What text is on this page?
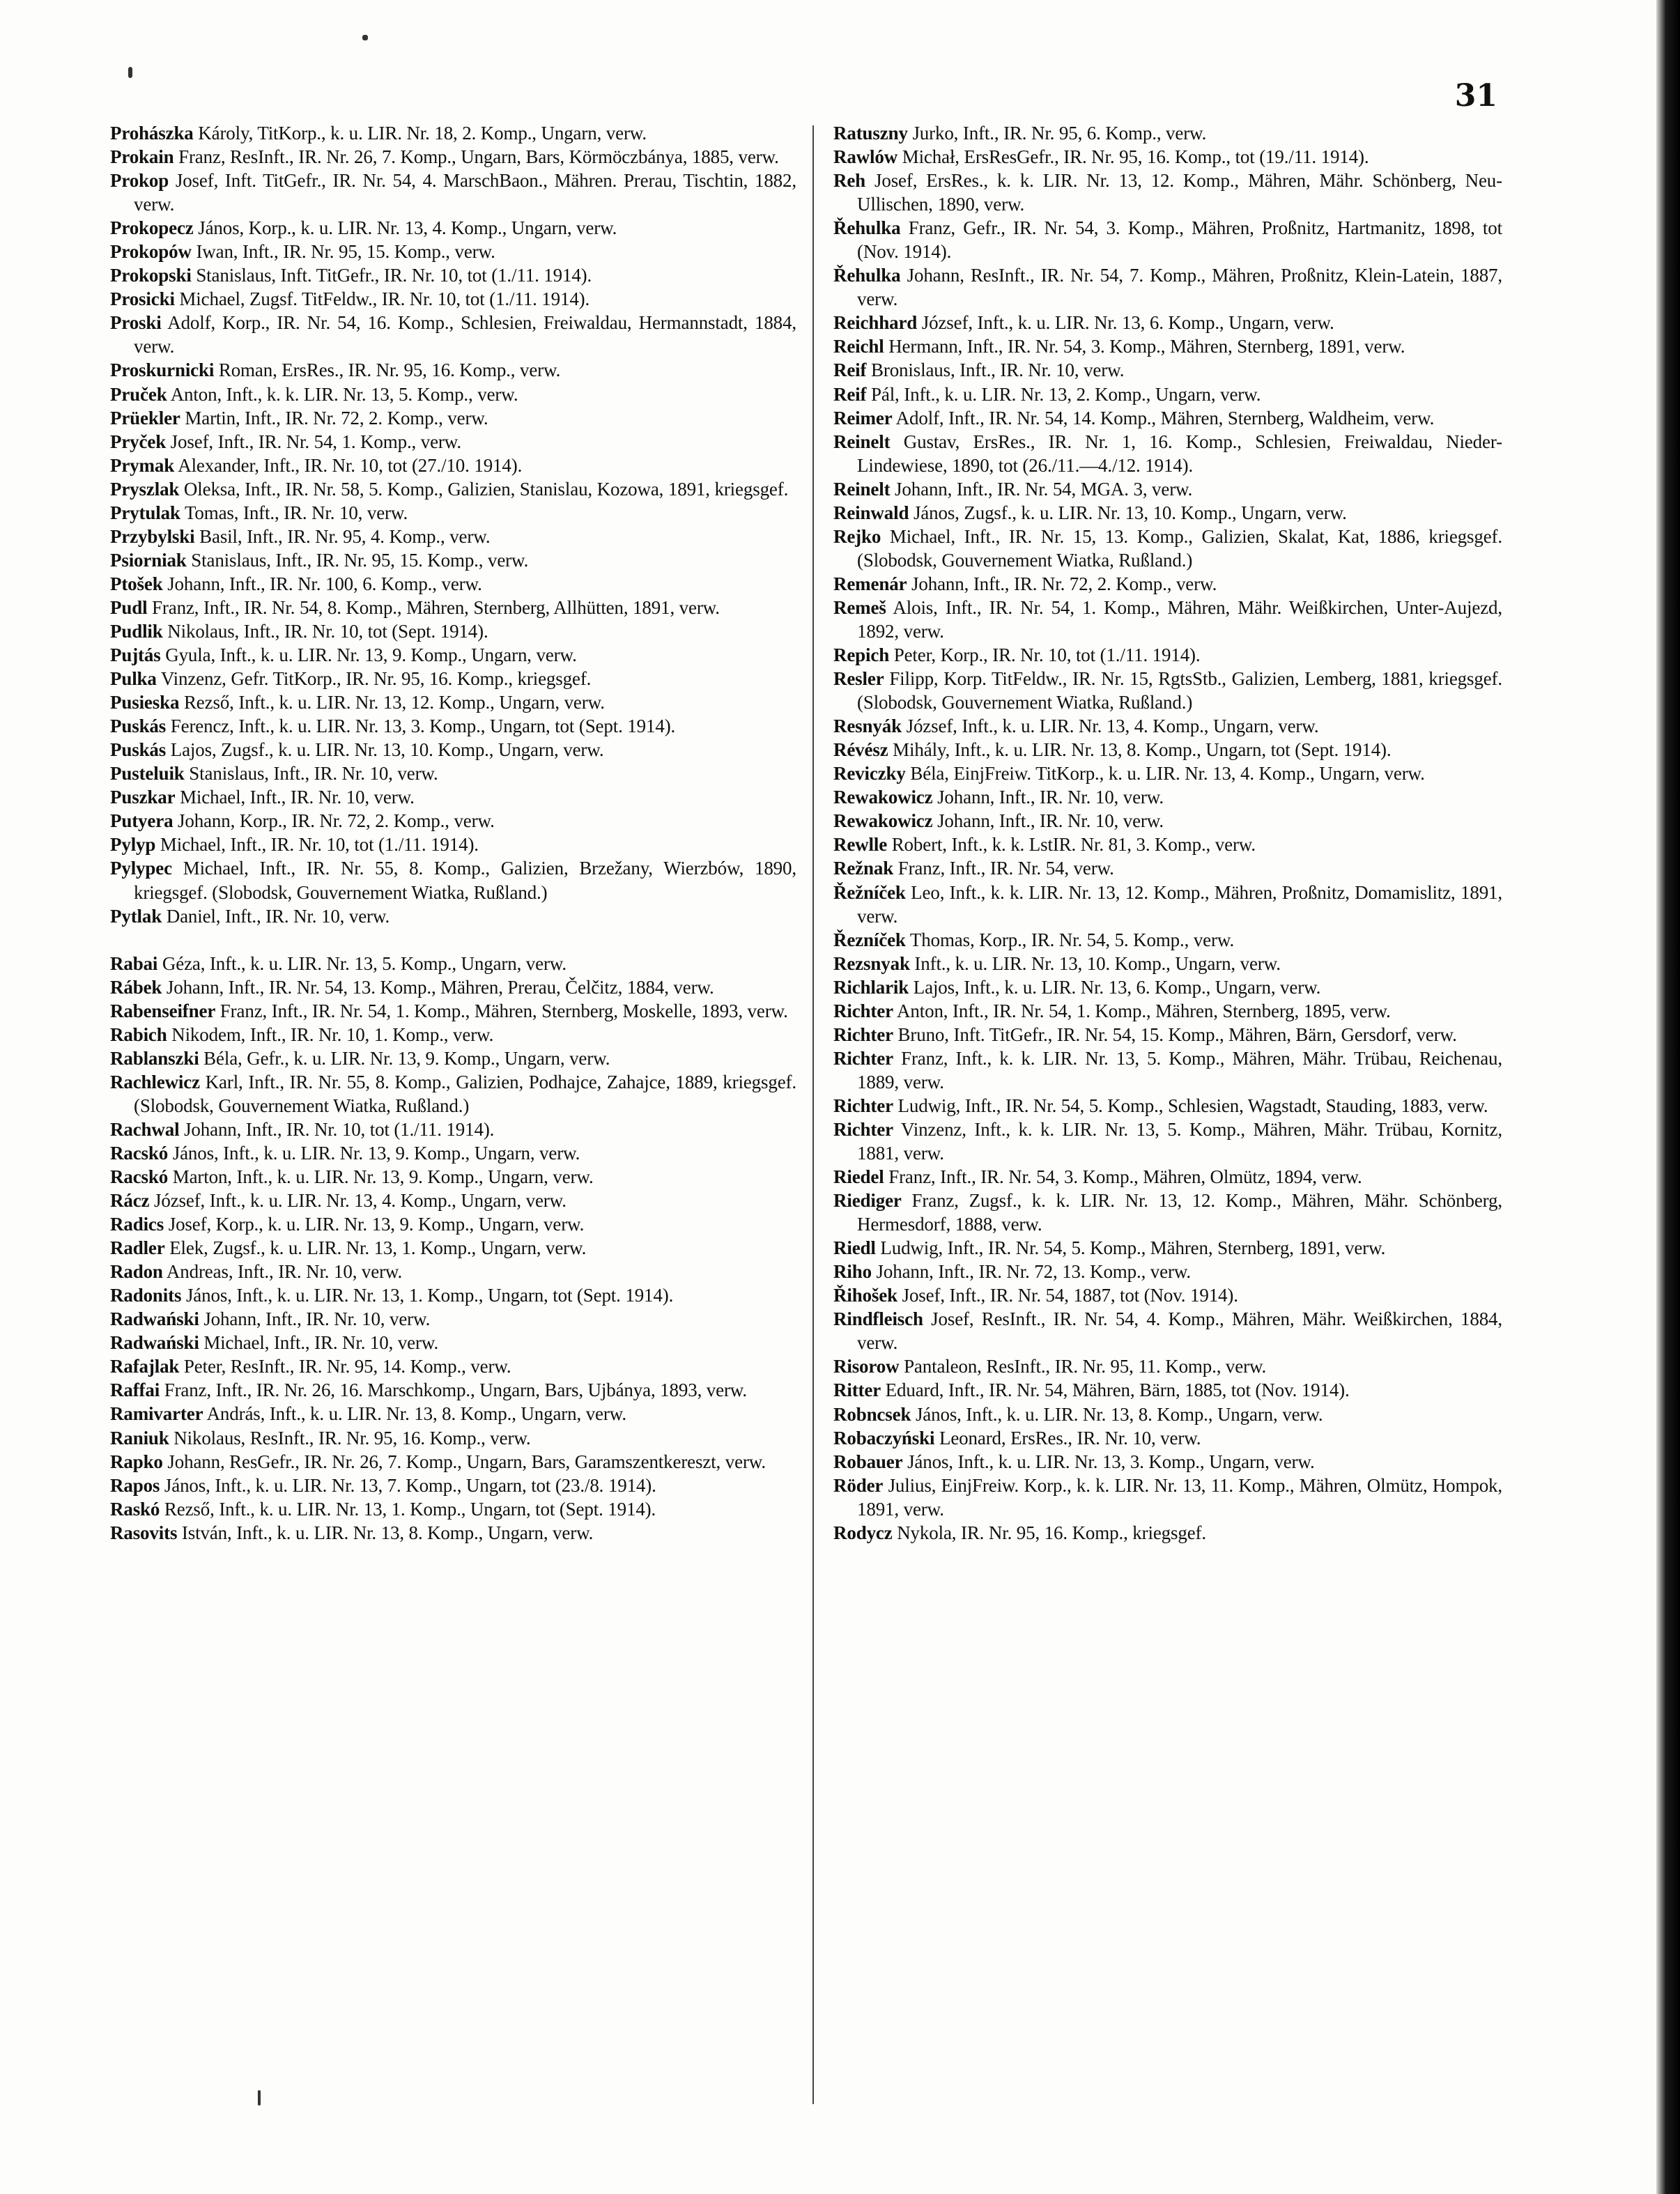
31
Prohászka Károly, TitKorp., k. u. LIR. Nr. 18, 2. Komp., Ungarn, verw.
Prokain Franz, ResInft., IR. Nr. 26, 7. Komp., Ungarn, Bars, Körmöczbánya, 1885, verw.
Prokop Josef, Inft. TitGefr., IR. Nr. 54, 4. MarschBaon., Mähren. Prerau, Tischtin, 1882, verw.
Prokopecz János, Korp., k. u. LIR. Nr. 13, 4. Komp., Ungarn, verw.
Prokopów Iwan, Inft., IR. Nr. 95, 15. Komp., verw.
Prokopski Stanislaus, Inft. TitGefr., IR. Nr. 10, tot (1./11. 1914).
Prosicki Michael, Zugsf. TitFeldw., IR. Nr. 10, tot (1./11. 1914).
Proski Adolf, Korp., IR. Nr. 54, 16. Komp., Schlesien, Freiwaldau, Hermannstadt, 1884, verw.
Proskurnicki Roman, ErsRes., IR. Nr. 95, 16. Komp., verw.
Pruček Anton, Inft., k. k. LIR. Nr. 13, 5. Komp., verw.
Prüekler Martin, Inft., IR. Nr. 72, 2. Komp., verw.
Pryček Josef, Inft., IR. Nr. 54, 1. Komp., verw.
Prymak Alexander, Inft., IR. Nr. 10, tot (27./10. 1914).
Pryszlak Oleksa, Inft., IR. Nr. 58, 5. Komp., Galizien, Stanislau, Kozowa, 1891, kriegsgef.
Prytulak Tomas, Inft., IR. Nr. 10, verw.
Przybylski Basil, Inft., IR. Nr. 95, 4. Komp., verw.
Psiorniak Stanislaus, Inft., IR. Nr. 95, 15. Komp., verw.
Ptošek Johann, Inft., IR. Nr. 100, 6. Komp., verw.
Pudl Franz, Inft., IR. Nr. 54, 8. Komp., Mähren, Sternberg, Allhütten, 1891, verw.
Pudlik Nikolaus, Inft., IR. Nr. 10, tot (Sept. 1914).
Pujtás Gyula, Inft., k. u. LIR. Nr. 13, 9. Komp., Ungarn, verw.
Pulka Vinzenz, Gefr. TitKorp., IR. Nr. 95, 16. Komp., kriegsgef.
Pusieska Rezső, Inft., k. u. LIR. Nr. 13, 12. Komp., Ungarn, verw.
Puskás Ferencz, Inft., k. u. LIR. Nr. 13, 3. Komp., Ungarn, tot (Sept. 1914).
Puskás Lajos, Zugsf., k. u. LIR. Nr. 13, 10. Komp., Ungarn, verw.
Pusteluik Stanislaus, Inft., IR. Nr. 10, verw.
Puszkar Michael, Inft., IR. Nr. 10, verw.
Putyera Johann, Korp., IR. Nr. 72, 2. Komp., verw.
Pylyp Michael, Inft., IR. Nr. 10, tot (1./11. 1914).
Pylypec Michael, Inft., IR. Nr. 55, 8. Komp., Galizien, Brzežany, Wierzbów, 1890, kriegsgef. (Slobodsk, Gouvernement Wiatka, Rußland.)
Pytlak Daniel, Inft., IR. Nr. 10, verw.
Rabai Géza, Inft., k. u. LIR. Nr. 13, 5. Komp., Ungarn, verw.
Rábek Johann, Inft., IR. Nr. 54, 13. Komp., Mähren, Prerau, Čelčitz, 1884, verw.
Rabenseifner Franz, Inft., IR. Nr. 54, 1. Komp., Mähren, Sternberg, Moskelle, 1893, verw.
Rabich Nikodem, Inft., IR. Nr. 10, 1. Komp., verw.
Rablanszki Béla, Gefr., k. u. LIR. Nr. 13, 9. Komp., Ungarn, verw.
Rachlewicz Karl, Inft., IR. Nr. 55, 8. Komp., Galizien, Podhajce, Zahajce, 1889, kriegsgef. (Slobodsk, Gouvernement Wiatka, Rußland.)
Rachwal Johann, Inft., IR. Nr. 10, tot (1./11. 1914).
Racskó János, Inft., k. u. LIR. Nr. 13, 9. Komp., Ungarn, verw.
Racskó Marton, Inft., k. u. LIR. Nr. 13, 9. Komp., Ungarn, verw.
Rácz József, Inft., k. u. LIR. Nr. 13, 4. Komp., Ungarn, verw.
Radics Josef, Korp., k. u. LIR. Nr. 13, 9. Komp., Ungarn, verw.
Radler Elek, Zugsf., k. u. LIR. Nr. 13, 1. Komp., Ungarn, verw.
Radon Andreas, Inft., IR. Nr. 10, verw.
Radonits János, Inft., k. u. LIR. Nr. 13, 1. Komp., Ungarn, tot (Sept. 1914).
Radwański Johann, Inft., IR. Nr. 10, verw.
Radwański Michael, Inft., IR. Nr. 10, verw.
Rafajlak Peter, ResInft., IR. Nr. 95, 14. Komp., verw.
Raffai Franz, Inft., IR. Nr. 26, 16. Marschkomp., Ungarn, Bars, Ujbánya, 1893, verw.
Ramivarter András, Inft., k. u. LIR. Nr. 13, 8. Komp., Ungarn, verw.
Raniuk Nikolaus, ResInft., IR. Nr. 95, 16. Komp., verw.
Rapko Johann, ResGefr., IR. Nr. 26, 7. Komp., Ungarn, Bars, Garamszentkereszt, verw.
Rapos János, Inft., k. u. LIR. Nr. 13, 7. Komp., Ungarn, tot (23./8. 1914).
Raskó Rezső, Inft., k. u. LIR. Nr. 13, 1. Komp., Ungarn, tot (Sept. 1914).
Rasovits István, Inft., k. u. LIR. Nr. 13, 8. Komp., Ungarn, verw.
Ratuszny Jurko, Inft., IR. Nr. 95, 6. Komp., verw.
Rawlów Michał, ErsResGefr., IR. Nr. 95, 16. Komp., tot (19./11. 1914).
Reh Josef, ErsRes., k. k. LIR. Nr. 13, 12. Komp., Mähren, Mähr. Schönberg, Neu-Ullischen, 1890, verw.
Řehulka Franz, Gefr., IR. Nr. 54, 3. Komp., Mähren, Proßnitz, Hartmanitz, 1898, tot (Nov. 1914).
Řehulka Johann, ResInft., IR. Nr. 54, 7. Komp., Mähren, Proßnitz, Klein-Latein, 1887, verw.
Reichhard József, Inft., k. u. LIR. Nr. 13, 6. Komp., Ungarn, verw.
Reichl Hermann, Inft., IR. Nr. 54, 3. Komp., Mähren, Sternberg, 1891, verw.
Reif Bronislaus, Inft., IR. Nr. 10, verw.
Reif Pál, Inft., k. u. LIR. Nr. 13, 2. Komp., Ungarn, verw.
Reimer Adolf, Inft., IR. Nr. 54, 14. Komp., Mähren, Sternberg, Waldheim, verw.
Reinelt Gustav, ErsRes., IR. Nr. 1, 16. Komp., Schlesien, Freiwaldau, Nieder-Lindewiese, 1890, tot (26./11.—4./12. 1914).
Reinelt Johann, Inft., IR. Nr. 54, MGA. 3, verw.
Reinwald János, Zugsf., k. u. LIR. Nr. 13, 10. Komp., Ungarn, verw.
Rejko Michael, Inft., IR. Nr. 15, 13. Komp., Galizien, Skalat, Kat, 1886, kriegsgef. (Slobodsk, Gouvernement Wiatka, Rußland.)
Remenár Johann, Inft., IR. Nr. 72, 2. Komp., verw.
Remeš Alois, Inft., IR. Nr. 54, 1. Komp., Mähren, Mähr. Weißkirchen, Unter-Aujezd, 1892, verw.
Repich Peter, Korp., IR. Nr. 10, tot (1./11. 1914).
Resler Filipp, Korp. TitFeldw., IR. Nr. 15, RgtsStb., Galizien, Lemberg, 1881, kriegsgef. (Slobodsk, Gouvernement Wiatka, Rußland.)
Resnyák József, Inft., k. u. LIR. Nr. 13, 4. Komp., Ungarn, verw.
Révész Mihály, Inft., k. u. LIR. Nr. 13, 8. Komp., Ungarn, tot (Sept. 1914).
Reviczky Béla, EinjFreiw. TitKorp., k. u. LIR. Nr. 13, 4. Komp., Ungarn, verw.
Rewakowicz Johann, Inft., IR. Nr. 10, verw.
Rewakowicz Johann, Inft., IR. Nr. 10, verw.
Rewlle Robert, Inft., k. k. LstIR. Nr. 81, 3. Komp., verw.
Režnak Franz, Inft., IR. Nr. 54, verw.
Řežníček Leo, Inft., k. k. LIR. Nr. 13, 12. Komp., Mähren, Proßnitz, Domamislitz, 1891, verw.
Řezníček Thomas, Korp., IR. Nr. 54, 5. Komp., verw.
Rezsnyak Inft., k. u. LIR. Nr. 13, 10. Komp., Ungarn, verw.
Richlarik Lajos, Inft., k. u. LIR. Nr. 13, 6. Komp., Ungarn, verw.
Richter Anton, Inft., IR. Nr. 54, 1. Komp., Mähren, Sternberg, 1895, verw.
Richter Bruno, Inft. TitGefr., IR. Nr. 54, 15. Komp., Mähren, Bärn, Gersdorf, verw.
Richter Franz, Inft., k. k. LIR. Nr. 13, 5. Komp., Mähren, Mähr. Trübau, Reichenau, 1889, verw.
Richter Ludwig, Inft., IR. Nr. 54, 5. Komp., Schlesien, Wagstadt, Stauding, 1883, verw.
Richter Vinzenz, Inft., k. k. LIR. Nr. 13, 5. Komp., Mähren, Mähr. Trübau, Kornitz, 1881, verw.
Riedel Franz, Inft., IR. Nr. 54, 3. Komp., Mähren, Olmütz, 1894, verw.
Riediger Franz, Zugsf., k. k. LIR. Nr. 13, 12. Komp., Mähren, Mähr. Schönberg, Hermesdorf, 1888, verw.
Riedl Ludwig, Inft., IR. Nr. 54, 5. Komp., Mähren, Sternberg, 1891, verw.
Riho Johann, Inft., IR. Nr. 72, 13. Komp., verw.
Řihošek Josef, Inft., IR. Nr. 54, 1887, tot (Nov. 1914).
Rindfleisch Josef, ResInft., IR. Nr. 54, 4. Komp., Mähren, Mähr. Weißkirchen, 1884, verw.
Risorow Pantaleon, ResInft., IR. Nr. 95, 11. Komp., verw.
Ritter Eduard, Inft., IR. Nr. 54, Mähren, Bärn, 1885, tot (Nov. 1914).
Robncsek János, Inft., k. u. LIR. Nr. 13, 8. Komp., Ungarn, verw.
Robaczyński Leonard, ErsRes., IR. Nr. 10, verw.
Robauer János, Inft., k. u. LIR. Nr. 13, 3. Komp., Ungarn, verw.
Röder Julius, EinjFreiw. Korp., k. k. LIR. Nr. 13, 11. Komp., Mähren, Olmütz, Hompok, 1891, verw.
Rodycz Nykola, IR. Nr. 95, 16. Komp., kriegsgef.
